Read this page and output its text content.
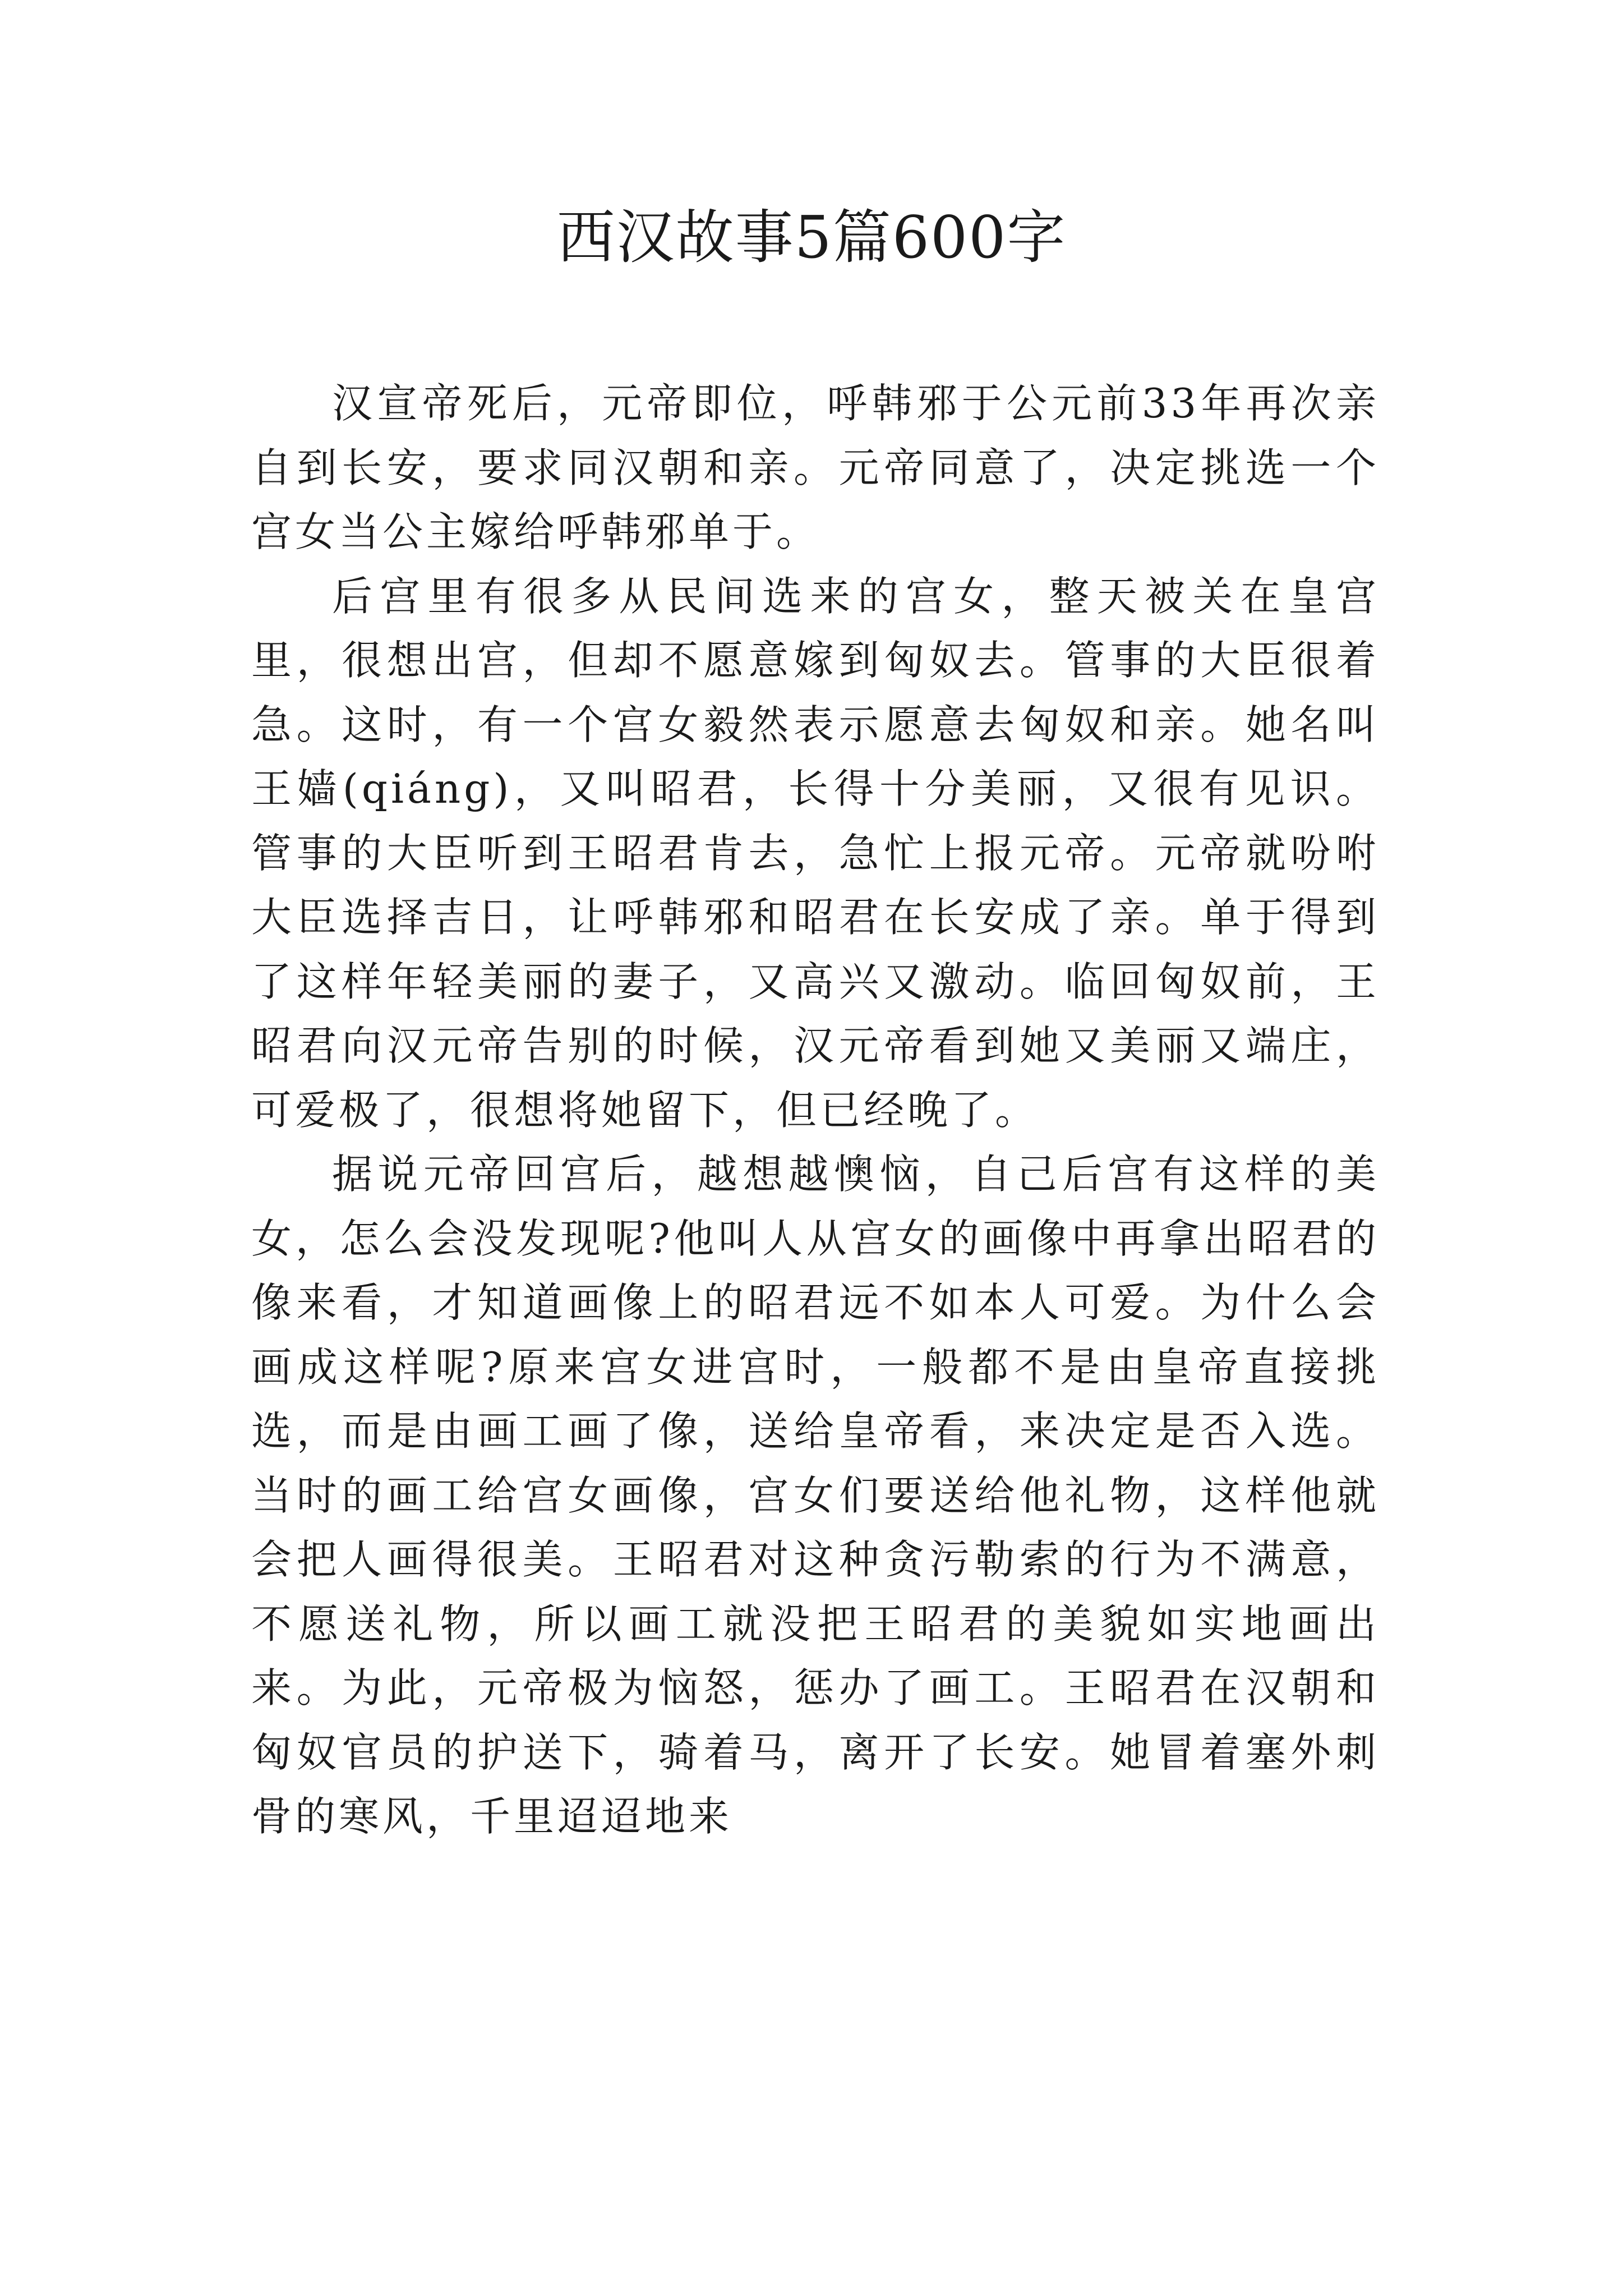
西汉故事5篇600字

汉宣帝死后，元帝即位，呼韩邪于公元前33年再次亲自到长安，要求同汉朝和亲。元帝同意了，决定挑选一个宫女当公主嫁给呼韩邪单于。

后宫里有很多从民间选来的宫女，整天被关在皇宫里，很想出宫，但却不愿意嫁到匈奴去。管事的大臣很着急。这时，有一个宫女毅然表示愿意去匈奴和亲。她名叫王嫱(qiáng)，又叫昭君，长得十分美丽，又很有见识。管事的大臣听到王昭君肯去，急忙上报元帝。元帝就吩咐大臣选择吉日，让呼韩邪和昭君在长安成了亲。单于得到了这样年轻美丽的妻子，又高兴又激动。临回匈奴前，王昭君向汉元帝告别的时候，汉元帝看到她又美丽又端庄，可爱极了，很想将她留下，但已经晚了。

据说元帝回宫后，越想越懊恼，自己后宫有这样的美女，怎么会没发现呢?他叫人从宫女的画像中再拿出昭君的像来看，才知道画像上的昭君远不如本人可爱。为什么会画成这样呢?原来宫女进宫时，一般都不是由皇帝直接挑选，而是由画工画了像，送给皇帝看，来决定是否入选。当时的画工给宫女画像，宫女们要送给他礼物，这样他就会把人画得很美。王昭君对这种贪污勒索的行为不满意，不愿送礼物，所以画工就没把王昭君的美貌如实地画出来。为此，元帝极为恼怒，惩办了画工。王昭君在汉朝和匈奴官员的护送下，骑着马，离开了长安。她冒着塞外刺骨的寒风，千里迢迢地来
